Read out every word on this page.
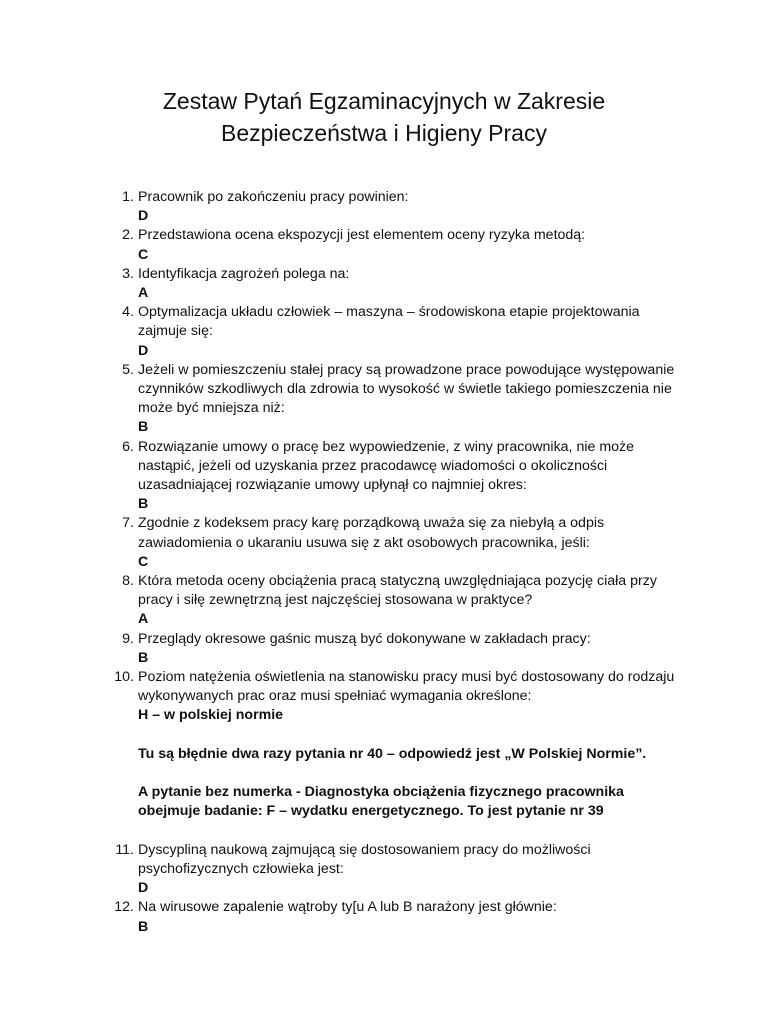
Zestaw Pytań Egzaminacyjnych w Zakresie
Bezpieczeństwa i Higieny Pracy
1. Pracownik po zakończeniu pracy powinien:
D
2. Przedstawiona ocena ekspozycji jest elementem oceny ryzyka metodą:
C
3. Identyfikacja zagrożeń polega na:
A
4. Optymalizacja układu człowiek – maszyna – środowiskona etapie projektowania zajmuje się:
D
5. Jeżeli w pomieszczeniu stałej pracy są prowadzone prace powodujące występowanie czynników szkodliwych dla zdrowia to wysokość w świetle takiego pomieszczenia nie może być mniejsza niż:
B
6. Rozwiązanie umowy o pracę bez wypowiedzenie, z winy pracownika, nie może nastąpić, jeżeli od uzyskania przez pracodawcę wiadomości o okoliczności uzasadniającej rozwiązanie umowy upłynął co najmniej okres:
B
7. Zgodnie z kodeksem pracy karę porządkową uważa się za niebyłą a odpis zawiadomienia o ukaraniu usuwa się z akt osobowych pracownika, jeśli:
C
8. Która metoda oceny obciążenia pracą statyczną uwzględniająca pozycję ciała przy pracy i siłę zewnętrzną jest najczęściej stosowana w praktyce?
A
9. Przeglądy okresowe gaśnic muszą być dokonywane w zakładach pracy:
B
10. Poziom natężenia oświetlenia na stanowisku pracy musi być dostosowany do rodzaju wykonywanych prac oraz musi spełniać wymagania określone:
H – w polskiej normie
Tu są błędnie dwa razy pytania nr 40 – odpowiedź jest „W Polskiej Normie”.
A pytanie bez numerka - Diagnostyka obciążenia fizycznego pracownika obejmuje badanie: F – wydatku energetycznego. To jest pytanie nr 39
11. Dyscypliną naukową zajmującą się dostosowaniem pracy do możliwości psychofizycznych człowieka jest:
D
12. Na wirusowe zapalenie wątroby ty[u A lub B narażony jest głównie:
B
